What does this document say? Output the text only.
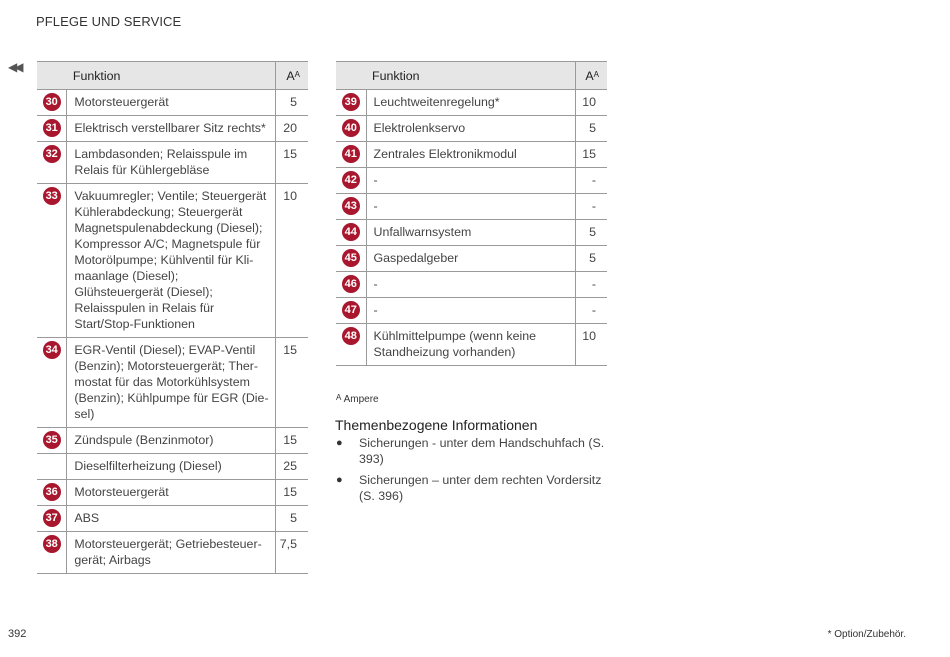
PFLEGE UND SERVICE
◀◀
	Funktion	$A^A$
30	Motorsteuergerät	5
31	Elektrisch verstellbarer Sitz rechts*	20
32	Lambdasonden; Relaisspule im Relais für Kühlergebläse	15
33	Vakuumregler; Ventile; Steuergerät Kühlerabdeckung; Steuergerät Magnetspulenabdeckung (Diesel); Kompressor A/C; Magnetspule für Motorölpumpe; Kühlventil für Kli-maanlage (Diesel); Glühsteuergerät (Diesel); Relaisspulen in Relais für Start/Stop-Funktionen	10
34	EGR-Ventil (Diesel); EVAP-Ventil (Benzin); Motorsteuergerät; Ther-mostat für das Motorkühlsystem (Benzin); Kühlpumpe für EGR (Die-sel)	15
35	Zündspule (Benzinmotor)	15
	Dieselfilterheizung (Diesel)	25
36	Motorsteuergerät	15
37	ABS	5
38	Motorsteuergerät; Getriebesteuer-gerät; Airbags	7,5
	Funktion	$A^A$
39	Leuchtweitenregelung*	10
40	Elektrolenkservo	5
41	Zentrales Elektronikmodul	15
42	-	-
43	-	-
44	Unfallwarnsystem	5
45	Gaspedalgeber	5
46	-	-
47	-	-
48	Kühlmittelpumpe (wenn keine Standheizung vorhanden)	10
$^A$ Ampere
Themenbezogene Informationen
● Sicherungen - unter dem Handschuhfach (S. 393)
● Sicherungen – unter dem rechten Vordersitz (S. 396)
392	* Option/Zubehör.
